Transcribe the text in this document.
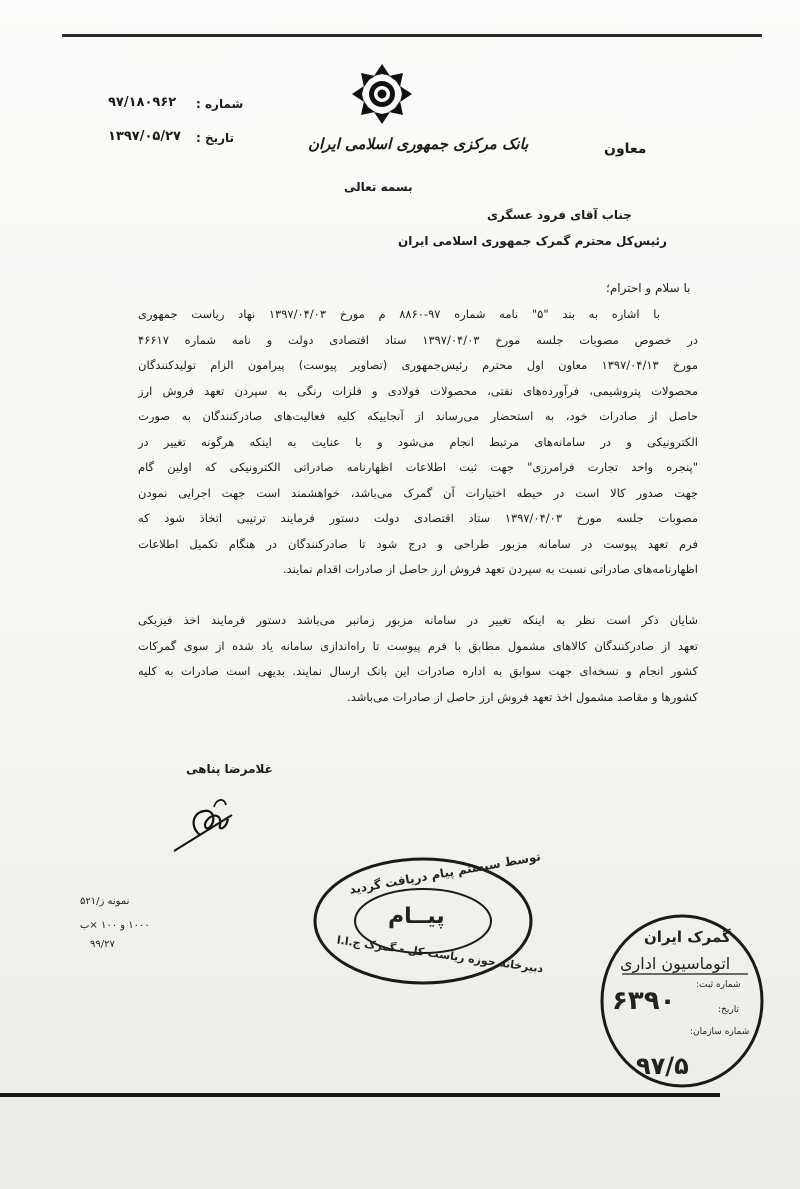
شماره :
۹۷/۱۸۰۹۶۲
تاریخ :
۱۳۹۷/۰۵/۲۷	بانک مرکزی جمهوری اسلامی ایران	معاون
بسمه تعالی
جناب آقای فرود عسگری
رئیس‌کل محترم گمرک جمهوری اسلامی ایران
با سلام و احترام؛
با اشاره به بند "۵" نامه شماره ۹۷-۸۸۶۰ م مورخ ۱۳۹۷/۰۴/۰۳ نهاد ریاست جمهوری
در خصوص مصوبات جلسه مورخ ۱۳۹۷/۰۴/۰۳ ستاد اقتصادی دولت و نامه شماره ۴۶۶۱۷
مورخ ۱۳۹۷/۰۴/۱۳ معاون اول محترم رئیس‌جمهوری (تصاویر پیوست) پیرامون الزام تولیدکنندگان
محصولات پتروشیمی، فرآورده‌های نفتی، محصولات فولادی و فلزات رنگی به سپردن تعهد فروش ارز
حاصل از صادرات خود، به استحضار می‌رساند از آنجاییکه کلیه فعالیت‌های صادرکنندگان به صورت
الکترونیکی و در سامانه‌های مرتبط انجام می‌شود و با عنایت به اینکه هرگونه تغییر در
"پنجره واحد تجارت فرامرزی" جهت ثبت اطلاعات اظهارنامه صادراتی الکترونیکی که اولین گام
جهت صدور کالا است در حیطه اختیارات آن گمرک می‌باشد، خواهشمند است جهت اجرایی نمودن
مصوبات جلسه مورخ ۱۳۹۷/۰۴/۰۳ ستاد اقتصادی دولت دستور فرمایند ترتیبی اتخاذ شود که
فرم تعهد پیوست در سامانه مزبور طراحی و درج شود تا صادرکنندگان در هنگام تکمیل اطلاعات
اظهارنامه‌های صادراتی نسبت به سپردن تعهد فروش ارز حاصل از صادرات اقدام نمایند.
شایان ذکر است نظر به اینکه تغییر در سامانه مزبور زمانبر می‌باشد دستور فرمایند اخذ فیزیکی
تعهد از صادرکنندگان کالاهای مشمول مطابق با فرم پیوست تا راه‌اندازی سامانه یاد شده از سوی گمرکات
کشور انجام و نسخه‌ای جهت سوابق به اداره صادرات این بانک ارسال نمایند. بدیهی است صادرات به کلیه
کشورها و مقاصد مشمول اخذ تعهد فروش ارز حاصل از صادرات می‌باشد.
غلامرضا پناهی
نمونه ز/۵۲۱
۱۰۰۰ و ۱۰۰ ×ب
۹۹/۲۷
توسط سیستم پیام دریافت گردید
پیــام
دبیرخانه حوزه ریاست کل - گمرک ج.ا.ا	گمرک ایران
اتوماسیون اداری
شماره ثبت:
۶۳۹۰	تاریخ:
شماره سازمان:
۹۷/۵
